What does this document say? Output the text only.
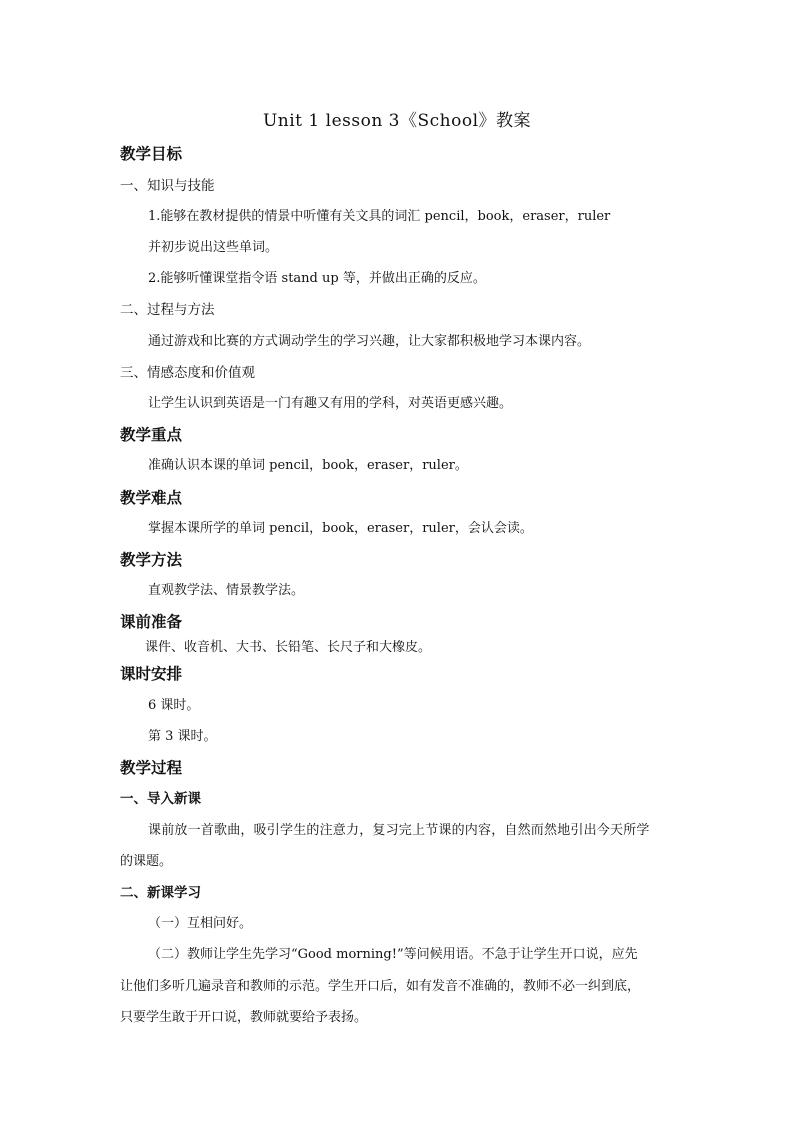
Unit 1 lesson 3《School》教案
教学目标
一、知识与技能
1.能够在教材提供的情景中听懂有关文具的词汇 pencil，book，eraser，ruler
并初步说出这些单词。
2.能够听懂课堂指令语 stand up 等，并做出正确的反应。
二、过程与方法
通过游戏和比赛的方式调动学生的学习兴趣，让大家都积极地学习本课内容。
三、情感态度和价值观
让学生认识到英语是一门有趣又有用的学科，对英语更感兴趣。
教学重点
准确认识本课的单词 pencil，book，eraser，ruler。
教学难点
掌握本课所学的单词 pencil，book，eraser，ruler，会认会读。
教学方法
直观教学法、情景教学法。
课前准备
课件、收音机、大书、长铅笔、长尺子和大橡皮。
课时安排
6 课时。
第 3 课时。
教学过程
一、导入新课
课前放一首歌曲，吸引学生的注意力，复习完上节课的内容，自然而然地引出今天所学
的课题。
二、新课学习
（一）互相问好。
（二）教师让学生先学习“Good morning!”等问候用语。不急于让学生开口说，应先
让他们多听几遍录音和教师的示范。学生开口后，如有发音不准确的，教师不必一纠到底，
只要学生敢于开口说，教师就要给予表扬。
